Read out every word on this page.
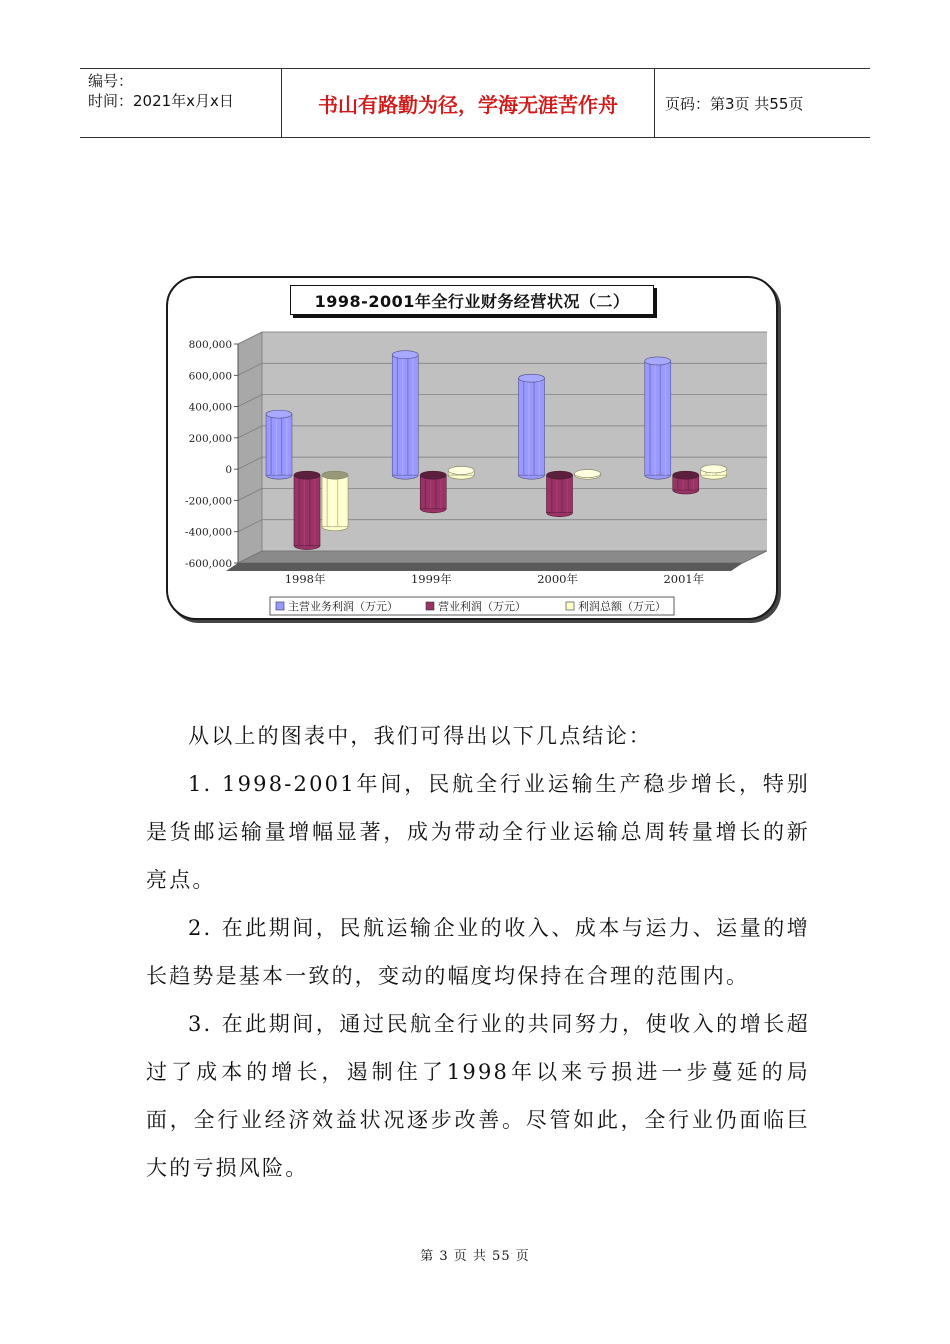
编号：
时间：2021年x月x日	书山有路勤为径，学海无涯苦作舟	页码：第3页 共55页
1998-2001年全行业财务经营状况（二）
800,000
600,000
400,000
200,000
0
-200,000
-400,000
-600,000
1998年	1999年	2000年	2001年
主营业务利润（万元）	营业利润（万元）	利润总额（万元）

从以上的图表中，我们可得出以下几点结论：

1. 1998-2001年间，民航全行业运输生产稳步增长，特别是货邮运输量增幅显著，成为带动全行业运输总周转量增长的新亮点。

2. 在此期间，民航运输企业的收入、成本与运力、运量的增长趋势是基本一致的，变动的幅度均保持在合理的范围内。

3. 在此期间，通过民航全行业的共同努力，使收入的增长超过了成本的增长，遏制住了1998年以来亏损进一步蔓延的局面，全行业经济效益状况逐步改善。尽管如此，全行业仍面临巨大的亏损风险。

第 3 页 共 55 页
